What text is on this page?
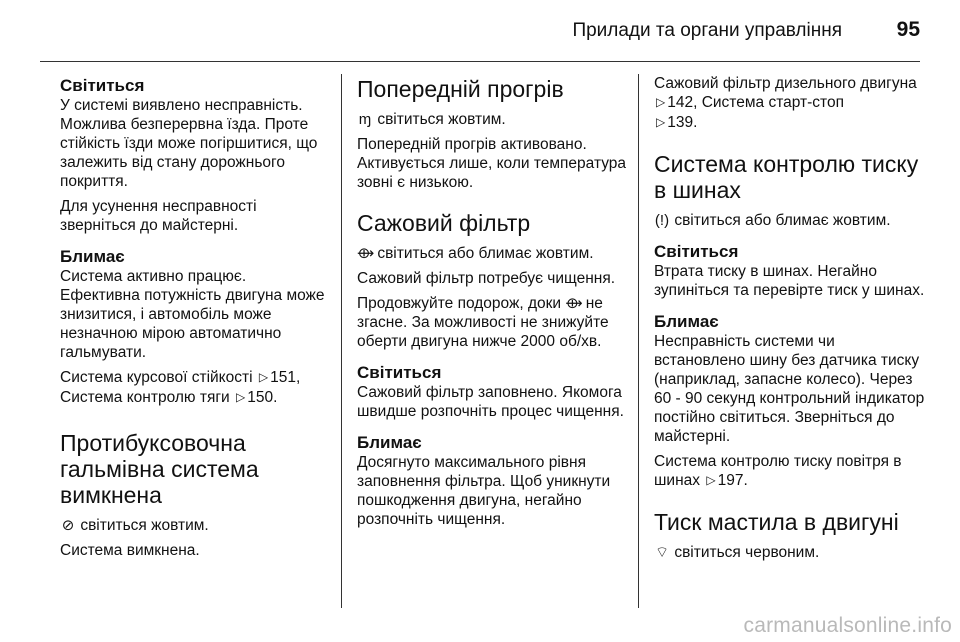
Прилади та органи управління	95
Світиться

У системі виявлено несправність. Можлива безперервна їзда. Проте стійкість їзди може погіршитися, що залежить від стану дорожнього покриття.

Для усунення несправності зверніться до майстерні.

Блимає

Система активно працює. Ефективна потужність двигуна може знизитися, і автомобіль може незначною мірою автоматично гальмувати.

Система курсової стійкості ▷ 151,
Система контролю тяги ▷ 150.

Протибуксовочна гальмівна система вимкнена

⊘ світиться жовтим.

Система вимкнена.

Попередній прогрів

ɱ світиться жовтим.

Попередній прогрів активовано. Активується лише, коли температура зовні є низькою.

Сажовий фільтр

⟴ світиться або блимає жовтим.

Сажовий фільтр потребує чищення.

Продовжуйте подорож, доки ⟴ не згасне. За можливості не знижуйте оберти двигуна нижче 2000 об/хв.

Світиться

Сажовий фільтр заповнено. Якомога швидше розпочніть процес чищення.

Блимає

Досягнуто максимального рівня заповнення фільтра. Щоб уникнути пошкодження двигуна, негайно розпочніть чищення.

Сажовий фільтр дизельного двигуна ▷ 142, Система старт-стоп
▷ 139.

Система контролю тиску в шинах

(!) світиться або блимає жовтим.

Світиться

Втрата тиску в шинах. Негайно зупиніться та перевірте тиск у шинах.

Блимає

Несправність системи чи встановлено шину без датчика тиску (наприклад, запасне колесо). Через 60 - 90 секунд контрольний індикатор постійно світиться. Зверніться до майстерні.

Система контролю тиску повітря в шинах ▷ 197.

Тиск мастила в двигуні

⌔ світиться червоним.

carmanualsonline.info
